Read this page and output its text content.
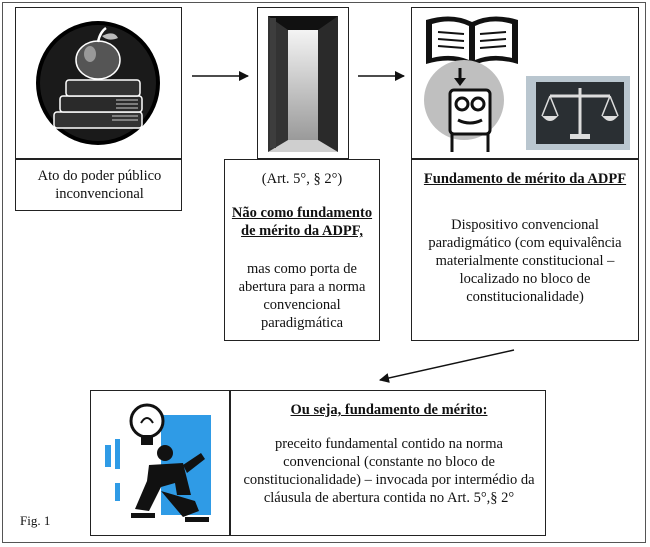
Ato do poder público inconvencional
(Art. 5°, § 2°)
Não como fundamento de mérito da ADPF,
mas como porta de abertura para a norma convencional paradigmática
Fundamento de mérito da ADPF
Dispositivo convencional paradigmático (com equivalência materialmente constitucional – localizado no bloco de constitucionalidade)
Ou seja, fundamento de mérito:
preceito fundamental contido na norma convencional (constante no bloco de constitucionalidade) – invocada por intermédio da cláusula de abertura contida no Art. 5°,§ 2°
Fig. 1
